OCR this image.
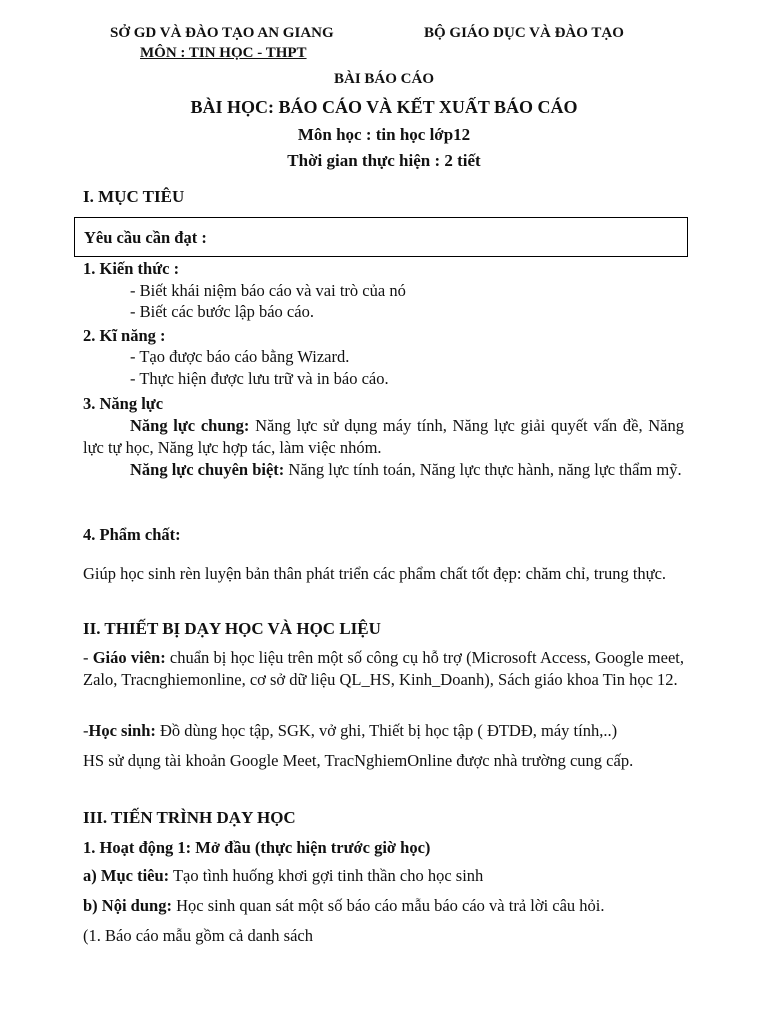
SỞ GD VÀ ĐÀO TẠO AN GIANG
MÔN : TIN HỌC - THPT
BỘ GIÁO DỤC VÀ ĐÀO TẠO
BÀI BÁO CÁO
BÀI HỌC: BÁO CÁO VÀ KẾT XUẤT BÁO CÁO
Môn học : tin học lớp12
Thời gian thực hiện : 2 tiết
I. MỤC TIÊU
Yêu cầu cần đạt :
1. Kiến thức :
- Biết khái niệm báo cáo và vai trò của nó
- Biết các bước lập báo cáo.
2. Kĩ năng :
- Tạo được báo cáo bằng Wizard.
- Thực hiện được lưu trữ và in báo cáo.
3. Năng lực
Năng lực chung: Năng lực sử dụng máy tính, Năng lực giải quyết vấn đề, Năng lực tự học, Năng lực hợp tác, làm việc nhóm.
Năng lực chuyên biệt: Năng lực tính toán, Năng lực thực hành, năng lực thẩm mỹ.
4. Phẩm chất:
Giúp học sinh rèn luyện bản thân phát triển các phẩm chất tốt đẹp: chăm chỉ, trung thực.
II. THIẾT BỊ DẠY HỌC VÀ HỌC LIỆU
- Giáo viên: chuẩn bị học liệu trên một số công cụ hỗ trợ (Microsoft Access, Google meet, Zalo, Tracnghiemonline, cơ sở dữ liệu QL_HS, Kinh_Doanh), Sách giáo khoa Tin học 12.
-Học sinh: Đồ dùng học tập, SGK, vở ghi, Thiết bị học tập ( ĐTDĐ, máy tính,..)
HS sử dụng tài khoản Google Meet, TracNghiemOnline được nhà trường cung cấp.
III. TIẾN TRÌNH DẠY HỌC
1. Hoạt động 1: Mở đầu (thực hiện trước giờ học)
a) Mục tiêu: Tạo tình huống khơi gợi tinh thần cho học sinh
b) Nội dung: Học sinh quan sát một số báo cáo mẫu báo cáo và trả lời câu hỏi.
(1. Báo cáo mẫu gồm cả danh sách
